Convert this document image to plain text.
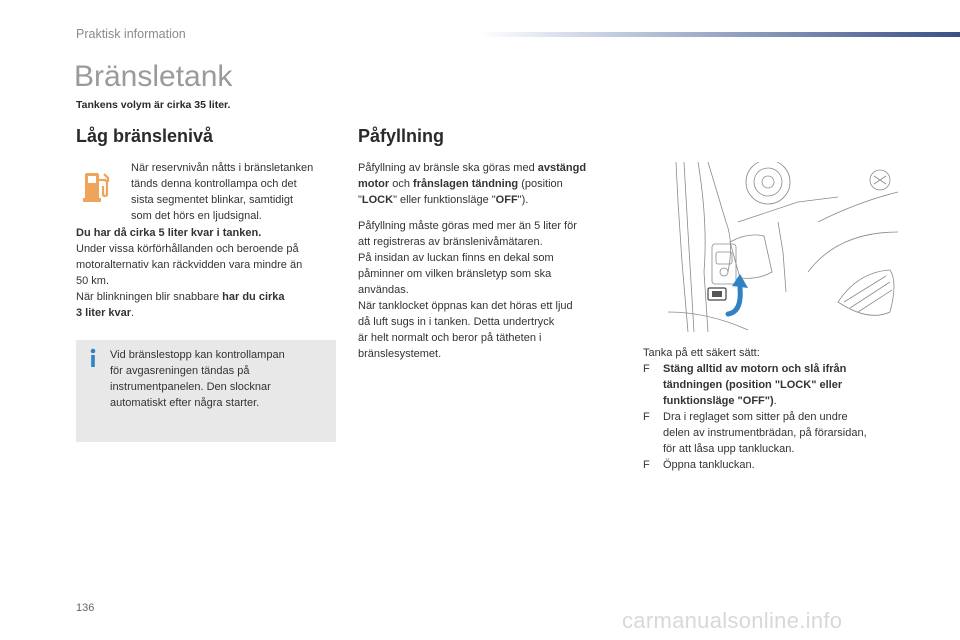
Praktisk information
Bränsletank
Tankens volym är cirka 35 liter.
Låg bränslenivå

När reservnivån nåtts i bränsletanken

tänds denna kontrollampa och det

sista segmentet blinkar, samtidigt

som det hörs en ljudsignal.

Du har då cirka 5 liter kvar i tanken.

Under vissa körförhållanden och beroende på

motoralternativ kan räckvidden vara mindre än

50 km.

När blinkningen blir snabbare har du cirka

3 liter kvar.

Vid bränslestopp kan kontrollampan

för avgasreningen tändas på

instrumentpanelen. Den slocknar

automatiskt efter några starter.

Påfyllning

Påfyllning av bränsle ska göras med avstängd

motor och frånslagen tändning (position

"LOCK" eller funktionsläge "OFF").

Påfyllning måste göras med mer än 5 liter för

att registreras av bränslenivåmätaren.

På insidan av luckan finns en dekal som

påminner om vilken bränsletyp som ska

användas.

När tanklocket öppnas kan det höras ett ljud

då luft sugs in i tanken. Detta undertryck

är helt normalt och beror på tätheten i

bränslesystemet.	Tanka på ett säkert sätt:

F	Stäng alltid av motorn och slå ifrån

tändningen (position "LOCK" eller

funktionsläge "OFF").

F	Dra i reglaget som sitter på den undre

delen av instrumentbrädan, på förarsidan,

för att låsa upp tankluckan.

F	Öppna tankluckan.

136	carmanualsonline.info
